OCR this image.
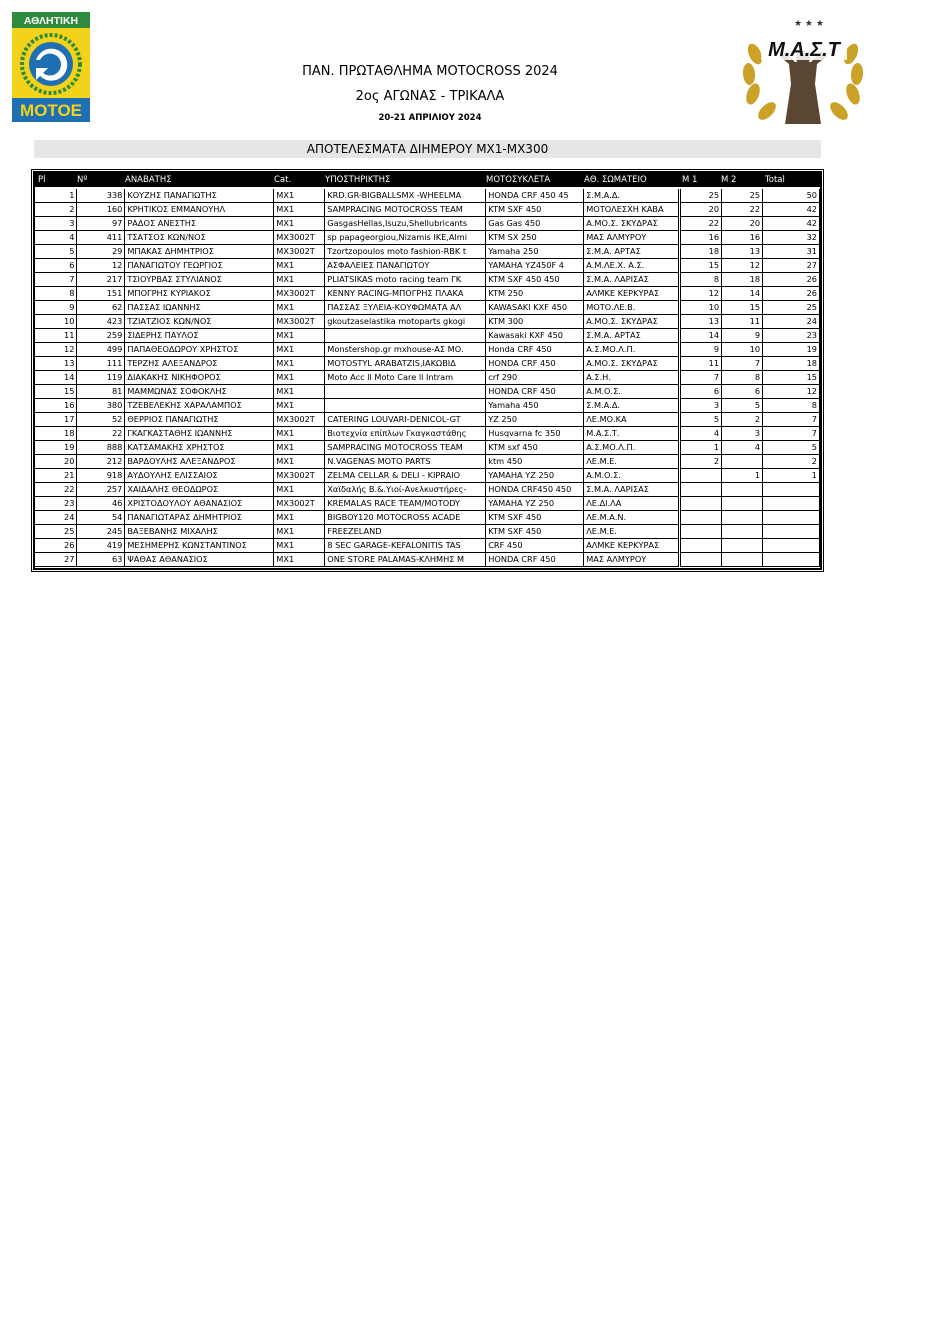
ΑΘΛΗΤΙΚΗ
ΜΟΤΟΕ
★ ★ ★
Μ.Α.Σ.Τ
ΠΑΝ. ΠΡΩΤΑΘΛΗΜΑ MOTOCROSS 2024
2ος ΑΓΩΝΑΣ - ΤΡΙΚΑΛΑ
20-21 ΑΠΡΙΛΙΟΥ 2024
ΑΠΟΤΕΛΕΣΜΑΤΑ ΔΙΗΜΕΡΟΥ MX1-MX300
Pl	Nº	ΑΝΑΒΑΤΗΣ	Cat.	ΥΠΟΣΤΗΡΙΚΤΗΣ	ΜΟΤΟΣΥΚΛΕΤΑ	ΑΘ. ΣΩΜΑΤΕΙΟ	M 1	M 2	Total
1	338	ΚΟΥΖΗΣ ΠΑΝΑΓΙΩΤΗΣ	MX1	KRD.GR-BIGBALLSMX -WHEELMA	HONDA CRF 450 45	Σ.Μ.Α.Δ.	25	25	50
2	160	ΚΡΗΤΙΚΟΣ ΕΜΜΑΝΟΥΗΛ	MX1	SAMPRACING MOTOCROSS TEAM	KTM SXF 450	ΜΟΤΟΛΕΣΧΗ ΚΑΒΑ	20	22	42
3	97	ΡΑΔΟΣ ΑΝΕΣΤΗΣ	MX1	GasgasHellas,Isuzu,Shellubricants	Gas Gas 450	Α.ΜΟ.Σ. ΣΚΥΔΡΑΣ	22	20	42
4	411	ΤΣΑΤΣΟΣ ΚΩΝ/ΝΟΣ	MX3002T	sp papageorgiou,Nizamis IKE,Almi	KTM SX 250	ΜΑΣ ΑΛΜΥΡΟΥ	16	16	32
5	29	ΜΠΑΚΑΣ ΔΗΜΗΤΡΙΟΣ	MX3002T	Tzortzopoulos moto fashion-RBK t	Yamaha 250	Σ.Μ.Α. ΑΡΤΑΣ	18	13	31
6	12	ΠΑΝΑΓΙΩΤΟΥ ΓΕΩΡΓΙΟΣ	MX1	ΑΣΦΑΛΕΙΕΣ ΠΑΝΑΓΙΩΤΟΥ	YAMAHA YZ450F 4	Α.Μ.ΛΕ.Χ. Α.Σ.	15	12	27
7	217	ΤΣΙΟΥΡΒΑΣ ΣΤΥΛΙΑΝΟΣ	MX1	PLIATSIKAS moto racing team ΓΚ	KTM SXF 450 450	Σ.Μ.Α. ΛΑΡΙΣΑΣ	8	18	26
8	151	ΜΠΟΓΡΗΣ ΚΥΡΙΑΚΟΣ	MX3002T	KENNY RACING-ΜΠΟΓΡΗΣ ΠΛΑΚΑ	KTM 250	ΑΛΜΚΕ ΚΕΡΚΥΡΑΣ	12	14	26
9	62	ΠΑΣΣΑΣ ΙΩΑΝΝΗΣ	MX1	ΠΑΣΣΑΣ ΞΥΛΕΙΑ-ΚΟΥΦΩΜΑΤΑ ΑΛ	KAWASAKI KXF 450	ΜΟΤΟ.ΛΕ.Β.	10	15	25
10	423	ΤΖΙΑΤΖΙΟΣ ΚΩΝ/ΝΟΣ	MX3002T	gkoutzaselastika motoparts gkogi	KTM 300	Α.ΜΟ.Σ. ΣΚΥΔΡΑΣ	13	11	24
11	259	ΣΙΔΕΡΗΣ ΠΑΥΛΟΣ	MX1		Kawasaki KXF 450	Σ.Μ.Α. ΑΡΤΑΣ	14	9	23
12	499	ΠΑΠΑΘΕΟΔΩΡΟΥ ΧΡΗΣΤΟΣ	MX1	Monstershop.gr mxhouse-ΑΣ ΜΟ.	Honda CRF 450	Α.Σ.ΜΟ.Λ.Π.	9	10	19
13	111	ΤΕΡΖΗΣ ΑΛΕΞΑΝΔΡΟΣ	MX1	MOTOSTYL ARABATZIS,ΙΑΚΩΒΙΔ	HONDA CRF 450	Α.ΜΟ.Σ. ΣΚΥΔΡΑΣ	11	7	18
14	119	ΔΙΑΚΑΚΗΣ ΝΙΚΗΦΟΡΟΣ	MX1	Moto Acc ll Moto Care ll Intram	crf 290	Α.Σ.Η.	7	8	15
15	81	ΜΑΜΜΩΝΑΣ ΣΟΦΟΚΛΗΣ	MX1		HONDA CRF 450	Α.Μ.Ο.Σ.	6	6	12
16	380	ΤΖΕΒΕΛΕΚΗΣ ΧΑΡΑΛΑΜΠΟΣ	MX1		Yamaha 450	Σ.Μ.Α.Δ.	3	5	8
17	52	ΘΕΡΡΙΟΣ ΠΑΝΑΓΙΩΤΗΣ	MX3002T	CATERING LOUVARI-DENICOL-GT	YZ 250	ΛΕ.ΜΟ.ΚΑ	5	2	7
18	22	ΓΚΑΓΚΑΣΤΑΘΗΣ ΙΩΑΝΝΗΣ	MX1	Βιοτεχνία επίπλων Γκαγκαστάθης	Husqvarna fc 350	Μ.Α.Σ.Τ.	4	3	7
19	888	ΚΑΤΣΑΜΑΚΗΣ ΧΡΗΣΤΟΣ	MX1	SAMPRACING MOTOCROSS TEAM	KTM sxf 450	Α.Σ.ΜΟ.Λ.Π.	1	4	5
20	212	ΒΑΡΔΟΥΛΗΣ ΑΛΕΞΑΝΔΡΟΣ	MX1	N.VAGENAS MOTO PARTS	ktm 450	ΛΕ.Μ.Ε.	2		2
21	918	ΑΥΔΟΥΛΗΣ ΕΛΙΣΣΑΙΟΣ	MX3002T	ZELMA CELLAR & DELI - KIPRAIO	YAMAHA YZ 250	Α.Μ.Ο.Σ.		1	1
22	257	ΧΑΙΔΑΛΗΣ ΘΕΟΔΩΡΟΣ	MX1	Χαϊδαλής Β.&.Υιοί-Ανελκυστήρες-	HONDA CRF450 450	Σ.Μ.Α. ΛΑΡΙΣΑΣ			
23	46	ΧΡΙΣΤΟΔΟΥΛΟΥ ΑΘΑΝΑΣΙΟΣ	MX3002T	KREMALAS RACE TEAM/MOTODY	YAMAHA YZ 250	ΛΕ.ΔΙ.ΛΑ			
24	54	ΠΑΝΑΓΙΩΤΑΡΑΣ ΔΗΜΗΤΡΙΟΣ	MX1	BIGBOY120 MOTOCROSS ACADE	KTM SXF 450	ΛΕ.Μ.Α.Ν.			
25	245	ΒΑΞΕΒΑΝΗΣ ΜΙΧΑΛΗΣ	MX1	FREEZELAND	KTM SXF 450	ΛΕ.Μ.Ε.			
26	419	ΜΕΣΗΜΕΡΗΣ ΚΩΝΣΤΑΝΤΙΝΟΣ	MX1	8 SEC GARAGE-KEFALONITIS TAS	CRF 450	ΑΛΜΚΕ ΚΕΡΚΥΡΑΣ			
27	63	ΨΑΘΑΣ ΑΘΑΝΑΣΙΟΣ	MX1	ONE STORE PALAMAS-ΚΛΗΜΗΣ Μ	HONDA CRF 450	ΜΑΣ ΑΛΜΥΡΟΥ			
